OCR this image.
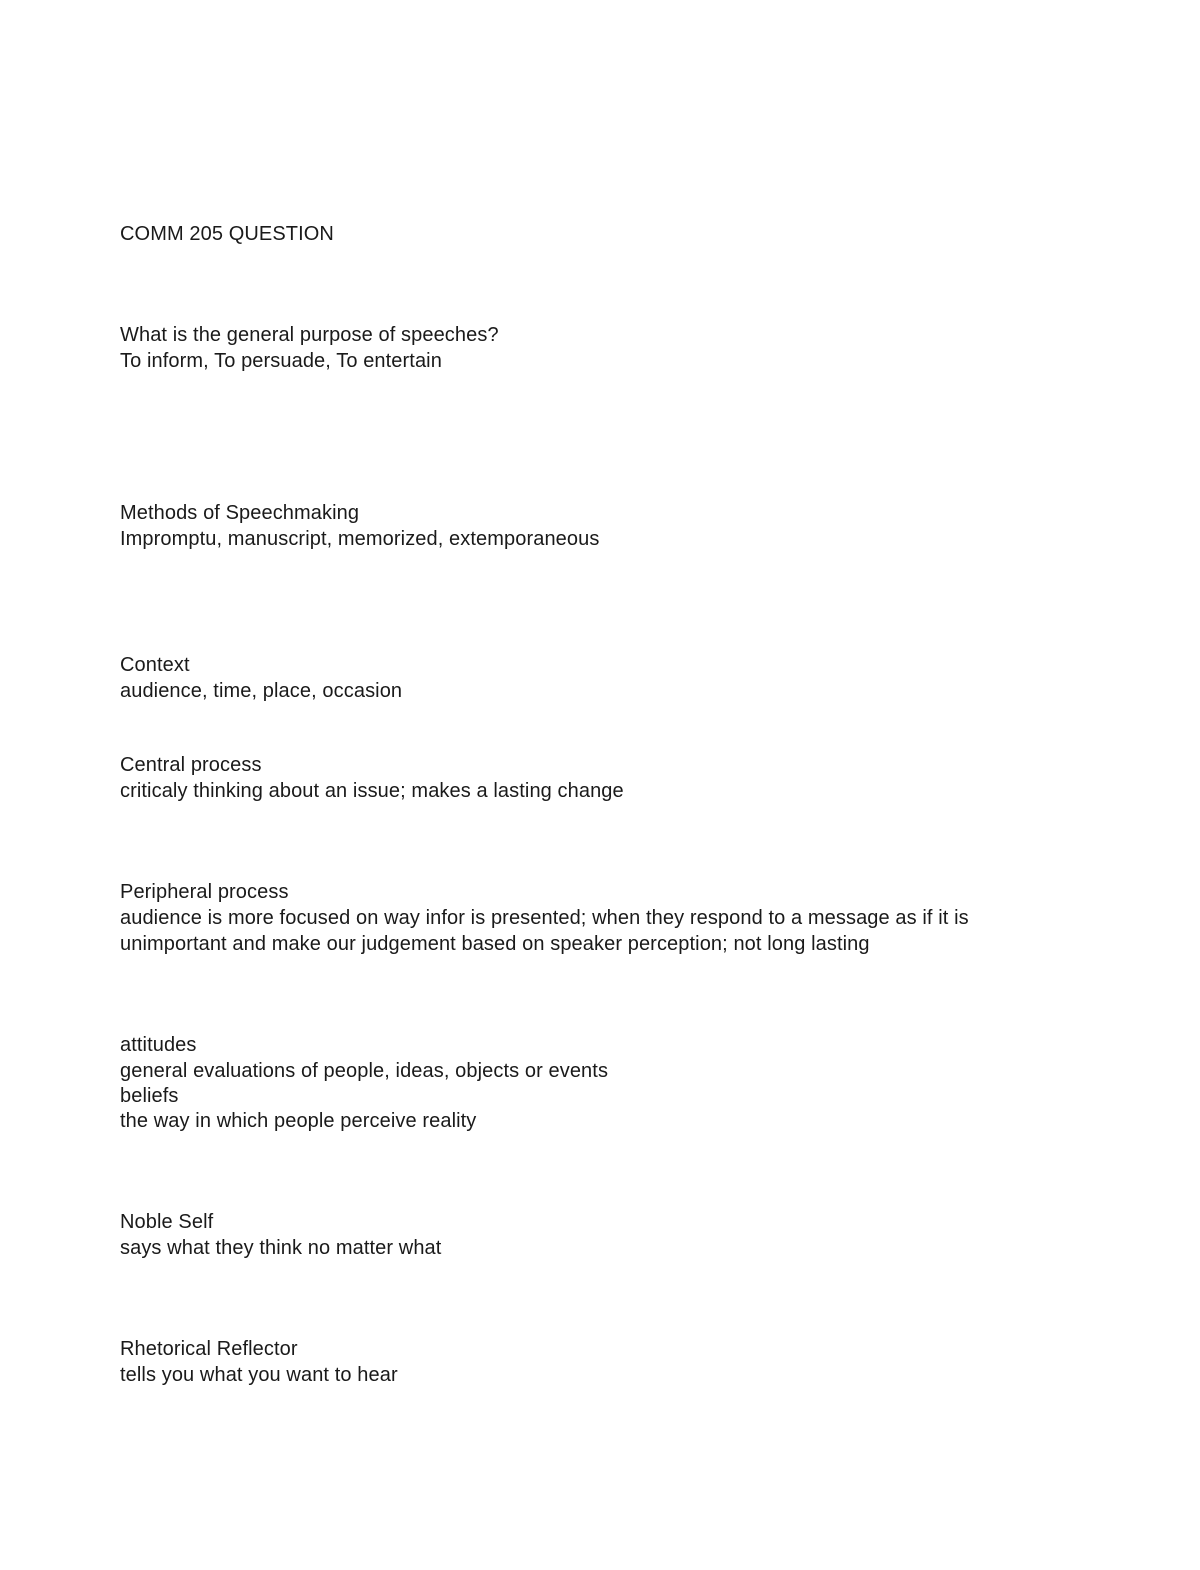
COMM 205 QUESTION
What is the general purpose of speeches?
To inform, To persuade, To entertain
Methods of Speechmaking
Impromptu, manuscript, memorized, extemporaneous
Context
audience, time, place, occasion
Central process
criticaly thinking about an issue; makes a lasting change
Peripheral process
audience is more focused on way infor is presented; when they respond to a message as if it is
unimportant and make our judgement based on speaker perception; not long lasting
attitudes
general evaluations of people, ideas, objects or events
beliefs
the way in which people perceive reality
Noble Self
says what they think no matter what
Rhetorical Reflector
tells you what you want to hear
